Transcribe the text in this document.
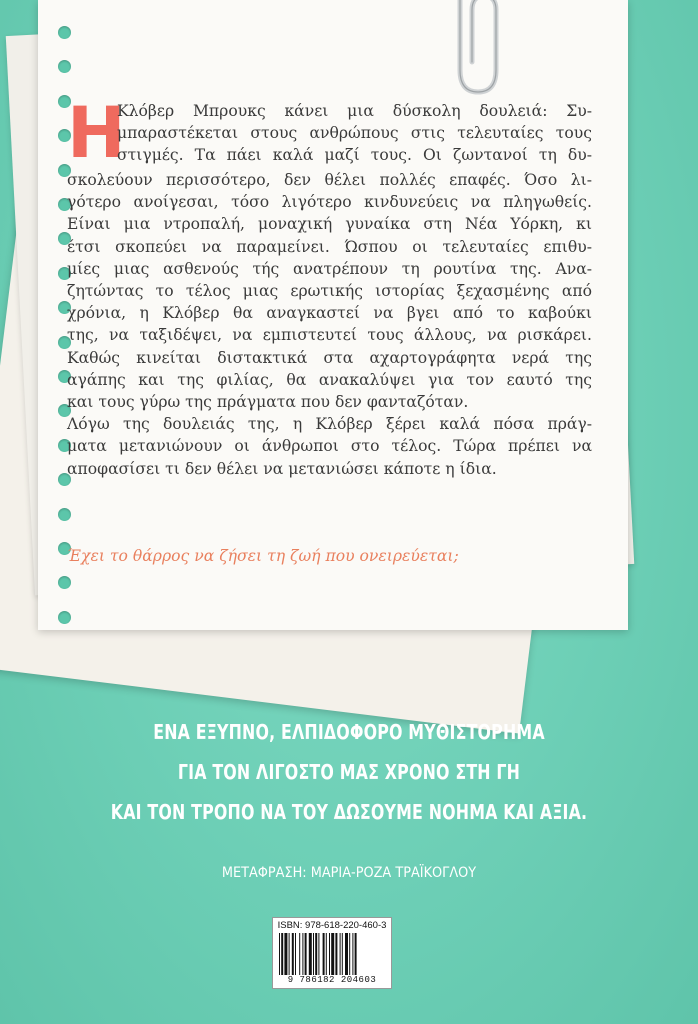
Η
Κλόβερ Μπρουκς κάνει μια δύσκολη δουλειά: Συ-
μπαραστέκεται στους ανθρώπους στις τελευταίες τους
στιγμές. Τα πάει καλά μαζί τους. Οι ζωντανοί τη δυ-
σκολεύουν περισσότερο, δεν θέλει πολλές επαφές. Όσο λι-
γότερο ανοίγεσαι, τόσο λιγότερο κινδυνεύεις να πληγωθείς.
Είναι μια ντροπαλή, μοναχική γυναίκα στη Νέα Υόρκη, κι
έτσι σκοπεύει να παραμείνει. Ώσπου οι τελευταίες επιθυ-
μίες μιας ασθενούς τής ανατρέπουν τη ρουτίνα της. Ανα-
ζητώντας το τέλος μιας ερωτικής ιστορίας ξεχασμένης από
χρόνια, η Κλόβερ θα αναγκαστεί να βγει από το καβούκι
της, να ταξιδέψει, να εμπιστευτεί τους άλλους, να ρισκάρει.
Καθώς κινείται διστακτικά στα αχαρτογράφητα νερά της
αγάπης και της φιλίας, θα ανακαλύψει για τον εαυτό της
και τους γύρω της πράγματα που δεν φανταζόταν.
Λόγω της δουλειάς της, η Κλόβερ ξέρει καλά πόσα πράγ-
ματα μετανιώνουν οι άνθρωποι στο τέλος. Τώρα πρέπει να
αποφασίσει τι δεν θέλει να μετανιώσει κάποτε η ίδια.
Έχει το θάρρος να ζήσει τη ζωή που ονειρεύεται;
ΕΝΑ ΕΞΥΠΝΟ, ΕΛΠΙΔΟΦΟΡΟ ΜΥΘΙΣΤΟΡΗΜΑ
ΓΙΑ ΤΟΝ ΛΙΓΟΣΤΟ ΜΑΣ ΧΡΟΝΟ ΣΤΗ ΓΗ
ΚΑΙ ΤΟΝ ΤΡΟΠΟ ΝΑ ΤΟΥ ΔΩΣΟΥΜΕ ΝΟΗΜΑ ΚΑΙ ΑΞΙΑ.
ΜΕΤΑΦΡΑΣΗ: ΜΑΡΙΑ-ΡΟΖΑ ΤΡΑΪΚΟΓΛΟΥ
ISBN: 978-618-220-460-3
9 786182 204603
